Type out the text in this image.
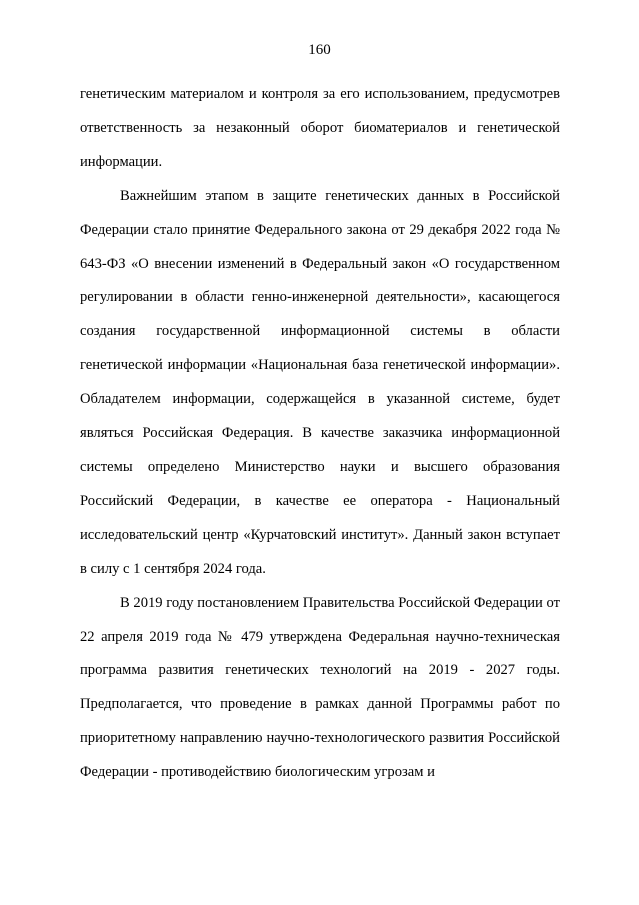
160

генетическим материалом и контроля за его использованием, предусмотрев ответственность за незаконный оборот биоматериалов и генетической информации.

Важнейшим этапом в защите генетических данных в Российской Федерации стало принятие Федерального закона от 29 декабря 2022 года № 643-ФЗ «О внесении изменений в Федеральный закон «О государственном регулировании в области генно-инженерной деятельности», касающегося создания государственной информационной системы в области генетической информации «Национальная база генетической информации». Обладателем информации, содержащейся в указанной системе, будет являться Российская Федерация. В качестве заказчика информационной системы определено Министерство науки и высшего образования Российский Федерации, в качестве ее оператора - Национальный исследовательский центр «Курчатовский институт». Данный закон вступает в силу с 1 сентября 2024 года.

В 2019 году постановлением Правительства Российской Федерации от 22 апреля 2019 года № 479 утверждена Федеральная научно-техническая программа развития генетических технологий на 2019 - 2027 годы. Предполагается, что проведение в рамках данной Программы работ по приоритетному направлению научно-технологического развития Российской Федерации - противодействию биологическим угрозам и
